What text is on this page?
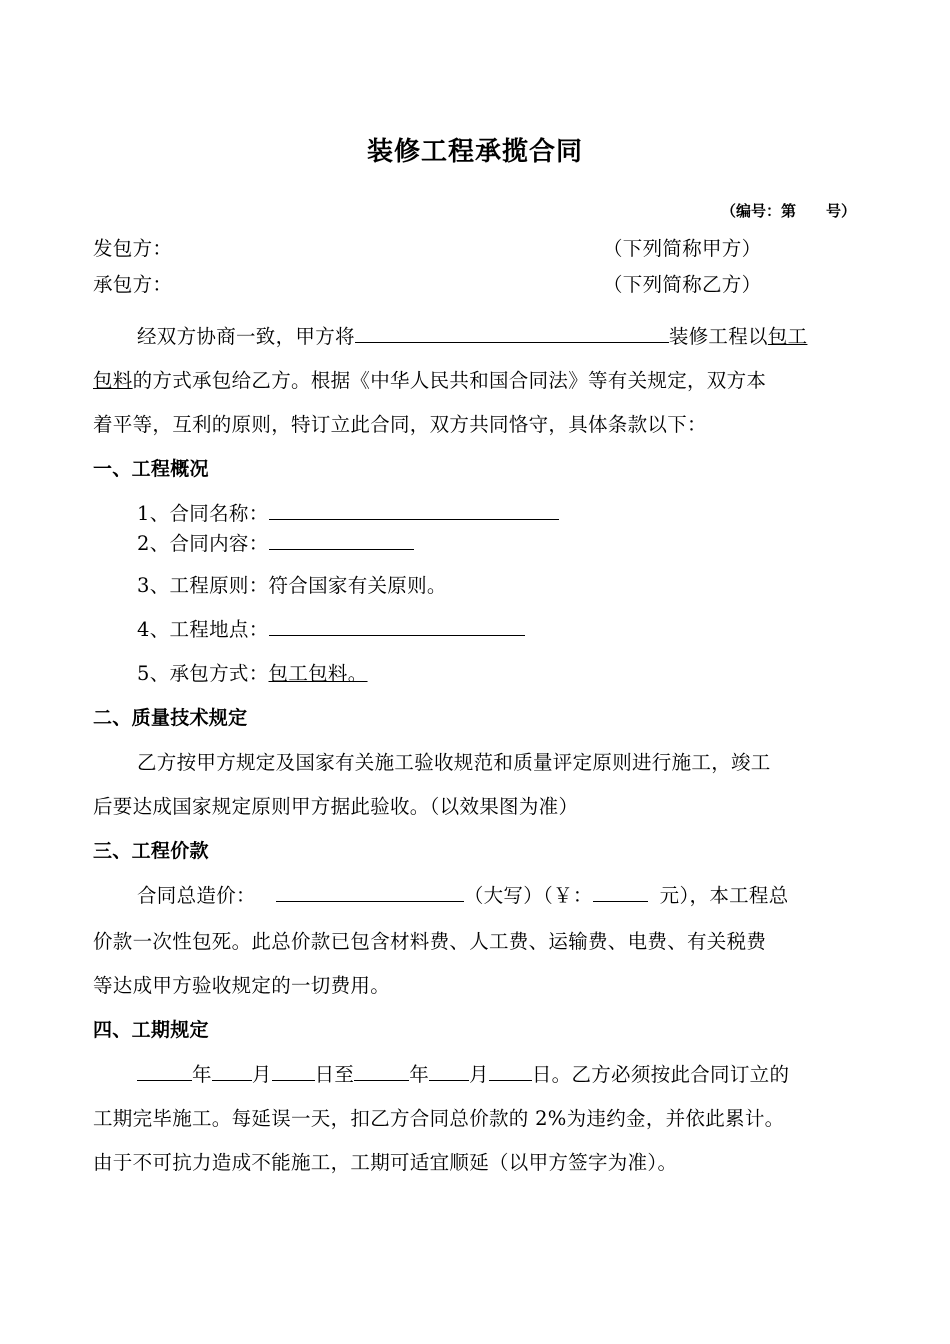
装修工程承揽合同
（编号：第　　号）
发包方：	（下列简称甲方）
承包方：	（下列简称乙方）
经双方协商一致，甲方将	装修工程以包工
包料的方式承包给乙方。根据《中华人民共和国合同法》等有关规定，双方本
着平等，互利的原则，特订立此合同，双方共同恪守，具体条款以下：
一、工程概况
1、合同名称：
2、合同内容：
3、工程原则：符合国家有关原则。
4、工程地点：
5、承包方式：包工包料。
二、质量技术规定
乙方按甲方规定及国家有关施工验收规范和质量评定原则进行施工，竣工
后要达成国家规定原则甲方据此验收。（以效果图为准）
三、工程价款
合同总造价：	（大写）（￥：	元），本工程总
价款一次性包死。此总价款已包含材料费、人工费、运输费、电费、有关税费
等达成甲方验收规定的一切费用。
四、工期规定
年 月 日至	年 月 日。乙方必须按此合同订立的
工期完毕施工。每延误一天，扣乙方合同总价款的 2%为违约金，并依此累计。
由于不可抗力造成不能施工，工期可适宜顺延（以甲方签字为准）。
